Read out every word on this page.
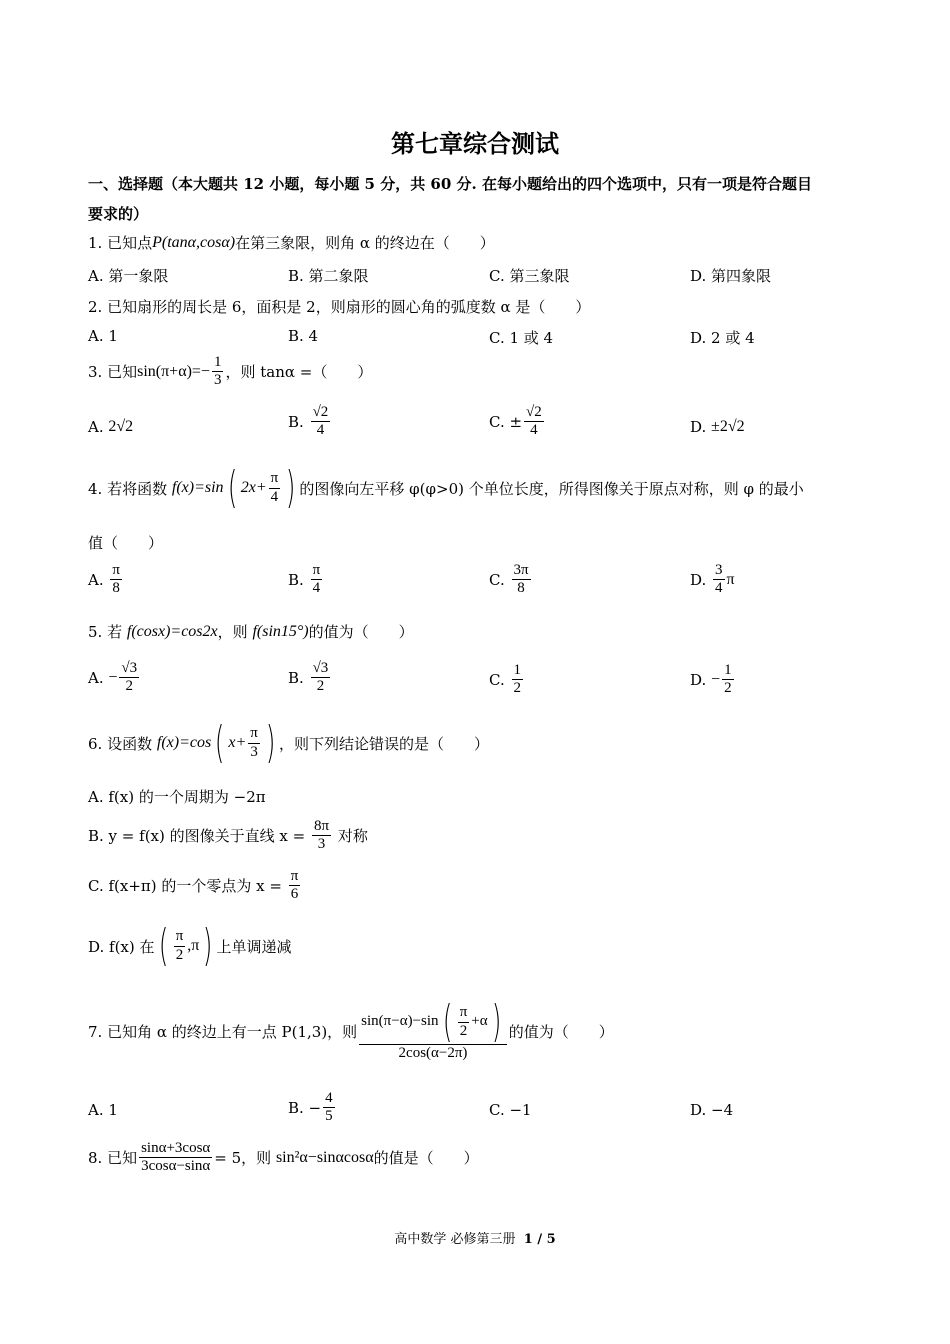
第七章综合测试
一、选择题（本大题共 12 小题，每小题 5 分，共 60 分. 在每小题给出的四个选项中，只有一项是符合题目
要求的）
1. 已知点 P(tanα,cosα) 在第三象限，则角 α 的终边在（　　）
A. 第一象限	B. 第二象限	C. 第三象限	D. 第四象限
2. 已知扇形的周长是 6，面积是 2，则扇形的圆心角的弧度数 α 是（　　）
A. 1	B. 4	C. 1 或 4	D. 2 或 4
3. 已知 $\sin(\pi+\alpha)=- \frac{1}{3}$ ，则 tanα =（　　）
A.
2√2	B.
$\frac{√2}{4}$	C. ± $\frac{√2}{4}$	D.
±2√2
4. 若将函数
f(x)=sin ( $2x+ \frac{\pi}{4}$ ) 的图像向左平移 φ(φ>0) 个单位长度，所得图像关于原点对称，则 φ 的最小
值（　　）
A.
$\frac{\pi}{8}$	B.
$\frac{\pi}{4}$	C.
$\frac{3\pi}{8}$	D.
$\frac{3}{4}$ π
5. 若
f(cosx)=cos2x ，则
f(sin15°) 的值为（　　）
A.
− $\frac{√3}{2}$	B.
$\frac{√3}{2}$	C.
$\frac{1}{2}$	D.
− $\frac{1}{2}$
6. 设函数
f(x)=cos ( $x+ \frac{\pi}{3}$ ) ，则下列结论错误的是（　　）
A. f(x) 的一个周期为 −2π
B. y = f(x) 的图像关于直线 x =
$\frac{8\pi}{3}$
对称
C. f(x+π) 的一个零点为 x =
$\frac{\pi}{6}$
D. f(x) 在 ( $\frac{\pi}{2} ,\pi$ ) 上单调递减
7. 已知角 α 的终边上有一点 P(1,3)，则 $\frac{\sin(\pi-\alpha)-\sin ( \frac{\pi}{2} +\alpha )}{2\cos(\alpha-2\pi)}$ 的值为（　　）
A. 1	B. − $\frac{4}{5}$	C. −1	D. −4
8. 已知 $\frac{\sin\alpha+3\cos\alpha}{3\cos\alpha-\sin\alpha} = 5$，则
sin²α−sinαcosα 的值是（　　）
高中数学 必修第三册 1 / 5
